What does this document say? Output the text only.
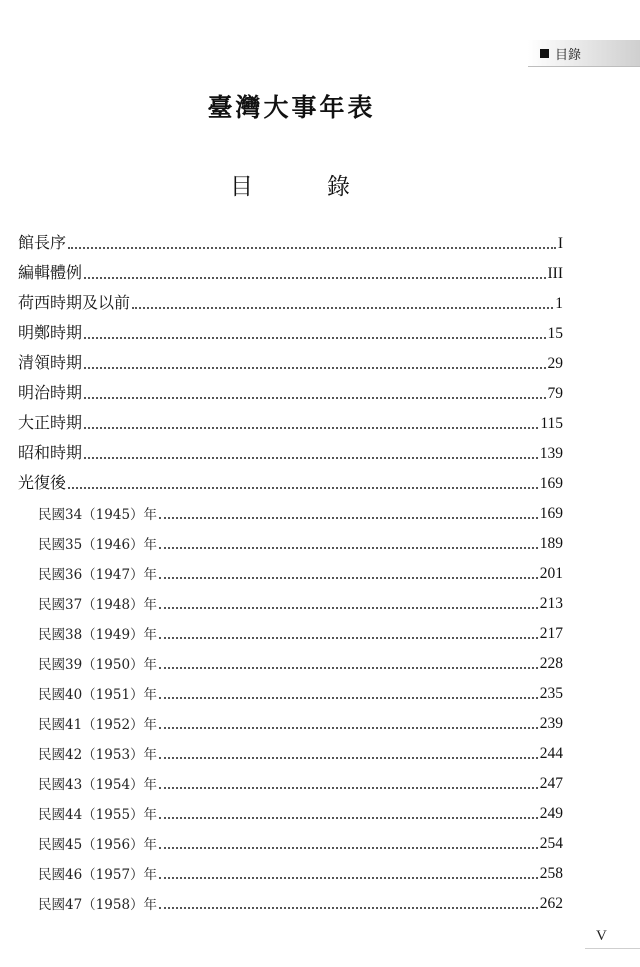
目錄
臺灣大事年表
目	錄
館長序	I
編輯體例	III
荷西時期及以前	1
明鄭時期	15
清領時期	29
明治時期	79
大正時期	115
昭和時期	139
光復後	169
民國34（1945）年	169
民國35（1946）年	189
民國36（1947）年	201
民國37（1948）年	213
民國38（1949）年	217
民國39（1950）年	228
民國40（1951）年	235
民國41（1952）年	239
民國42（1953）年	244
民國43（1954）年	247
民國44（1955）年	249
民國45（1956）年	254
民國46（1957）年	258
民國47（1958）年	262
V
